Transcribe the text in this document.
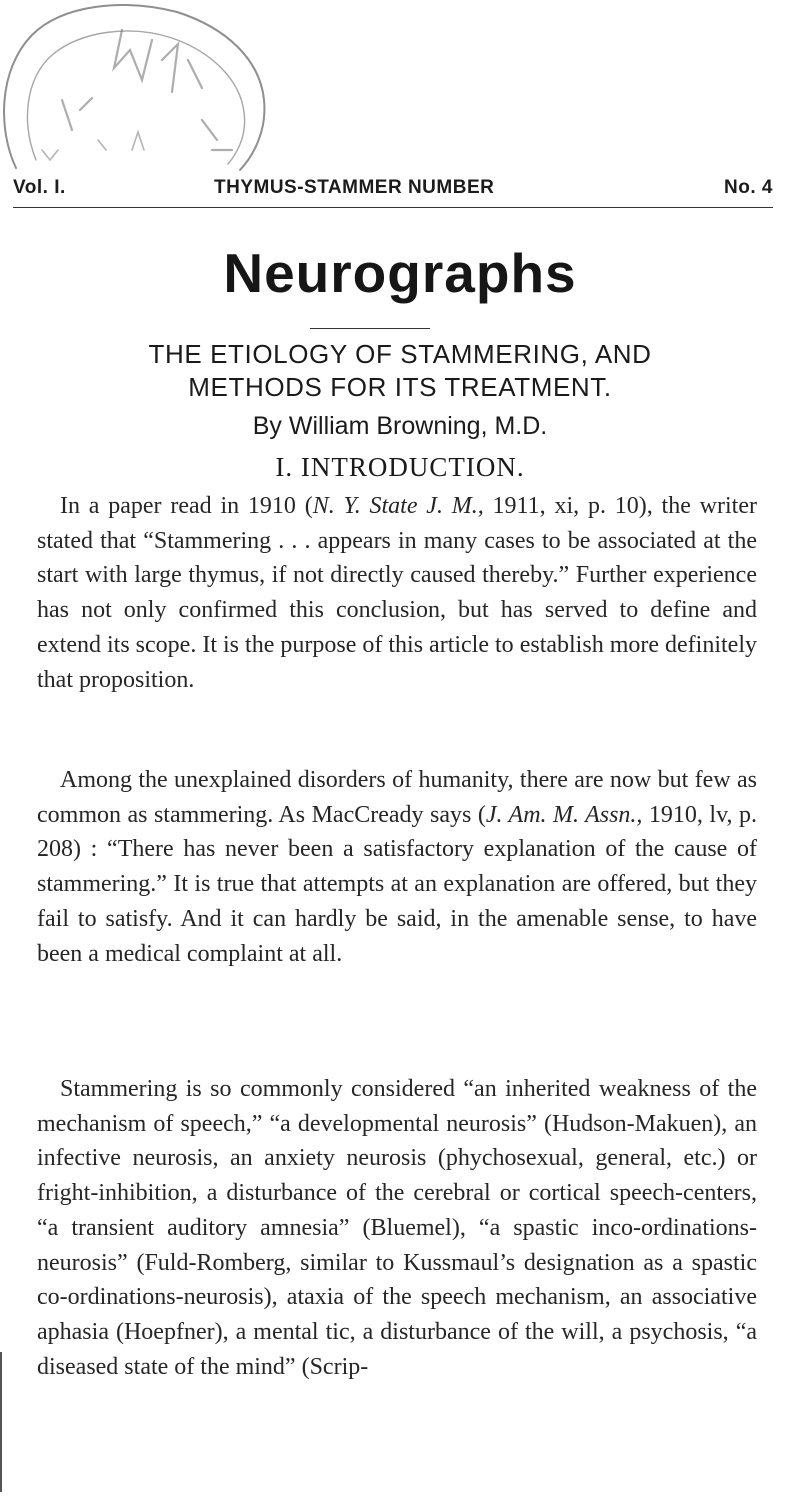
Vol. I.	THYMUS-STAMMER NUMBER	No. 4
Neurographs
THE ETIOLOGY OF STAMMERING, AND
METHODS FOR ITS TREATMENT.
By William Browning, M.D.
I. INTRODUCTION.

In a paper read in 1910 (N. Y. State J. M., 1911, xi, p. 10), the writer stated that “Stammering . . . appears in many cases to be associated at the start with large thymus, if not directly caused thereby.” Further experience has not only confirmed this conclusion, but has served to define and extend its scope. It is the purpose of this article to establish more definitely that proposition.

Among the unexplained disorders of humanity, there are now but few as common as stammering. As MacCready says (J. Am. M. Assn., 1910, lv, p. 208) : “There has never been a satisfactory explanation of the cause of stammering.” It is true that attempts at an explanation are offered, but they fail to satisfy. And it can hardly be said, in the amenable sense, to have been a medical complaint at all.

Stammering is so commonly considered “an inherited weakness of the mechanism of speech,” “a developmental neurosis” (Hudson-Makuen), an infective neurosis, an anxiety neurosis (phychosexual, general, etc.) or fright-inhibition, a disturbance of the cerebral or cortical speech-centers, “a transient auditory amnesia” (Bluemel), “a spastic inco-ordinations-neurosis” (Fuld-Romberg, similar to Kussmaul’s designation as a spastic co-ordinations-neurosis), ataxia of the speech mechanism, an associative aphasia (Hoepfner), a mental tic, a disturbance of the will, a psychosis, “a diseased state of the mind” (Scrip-
